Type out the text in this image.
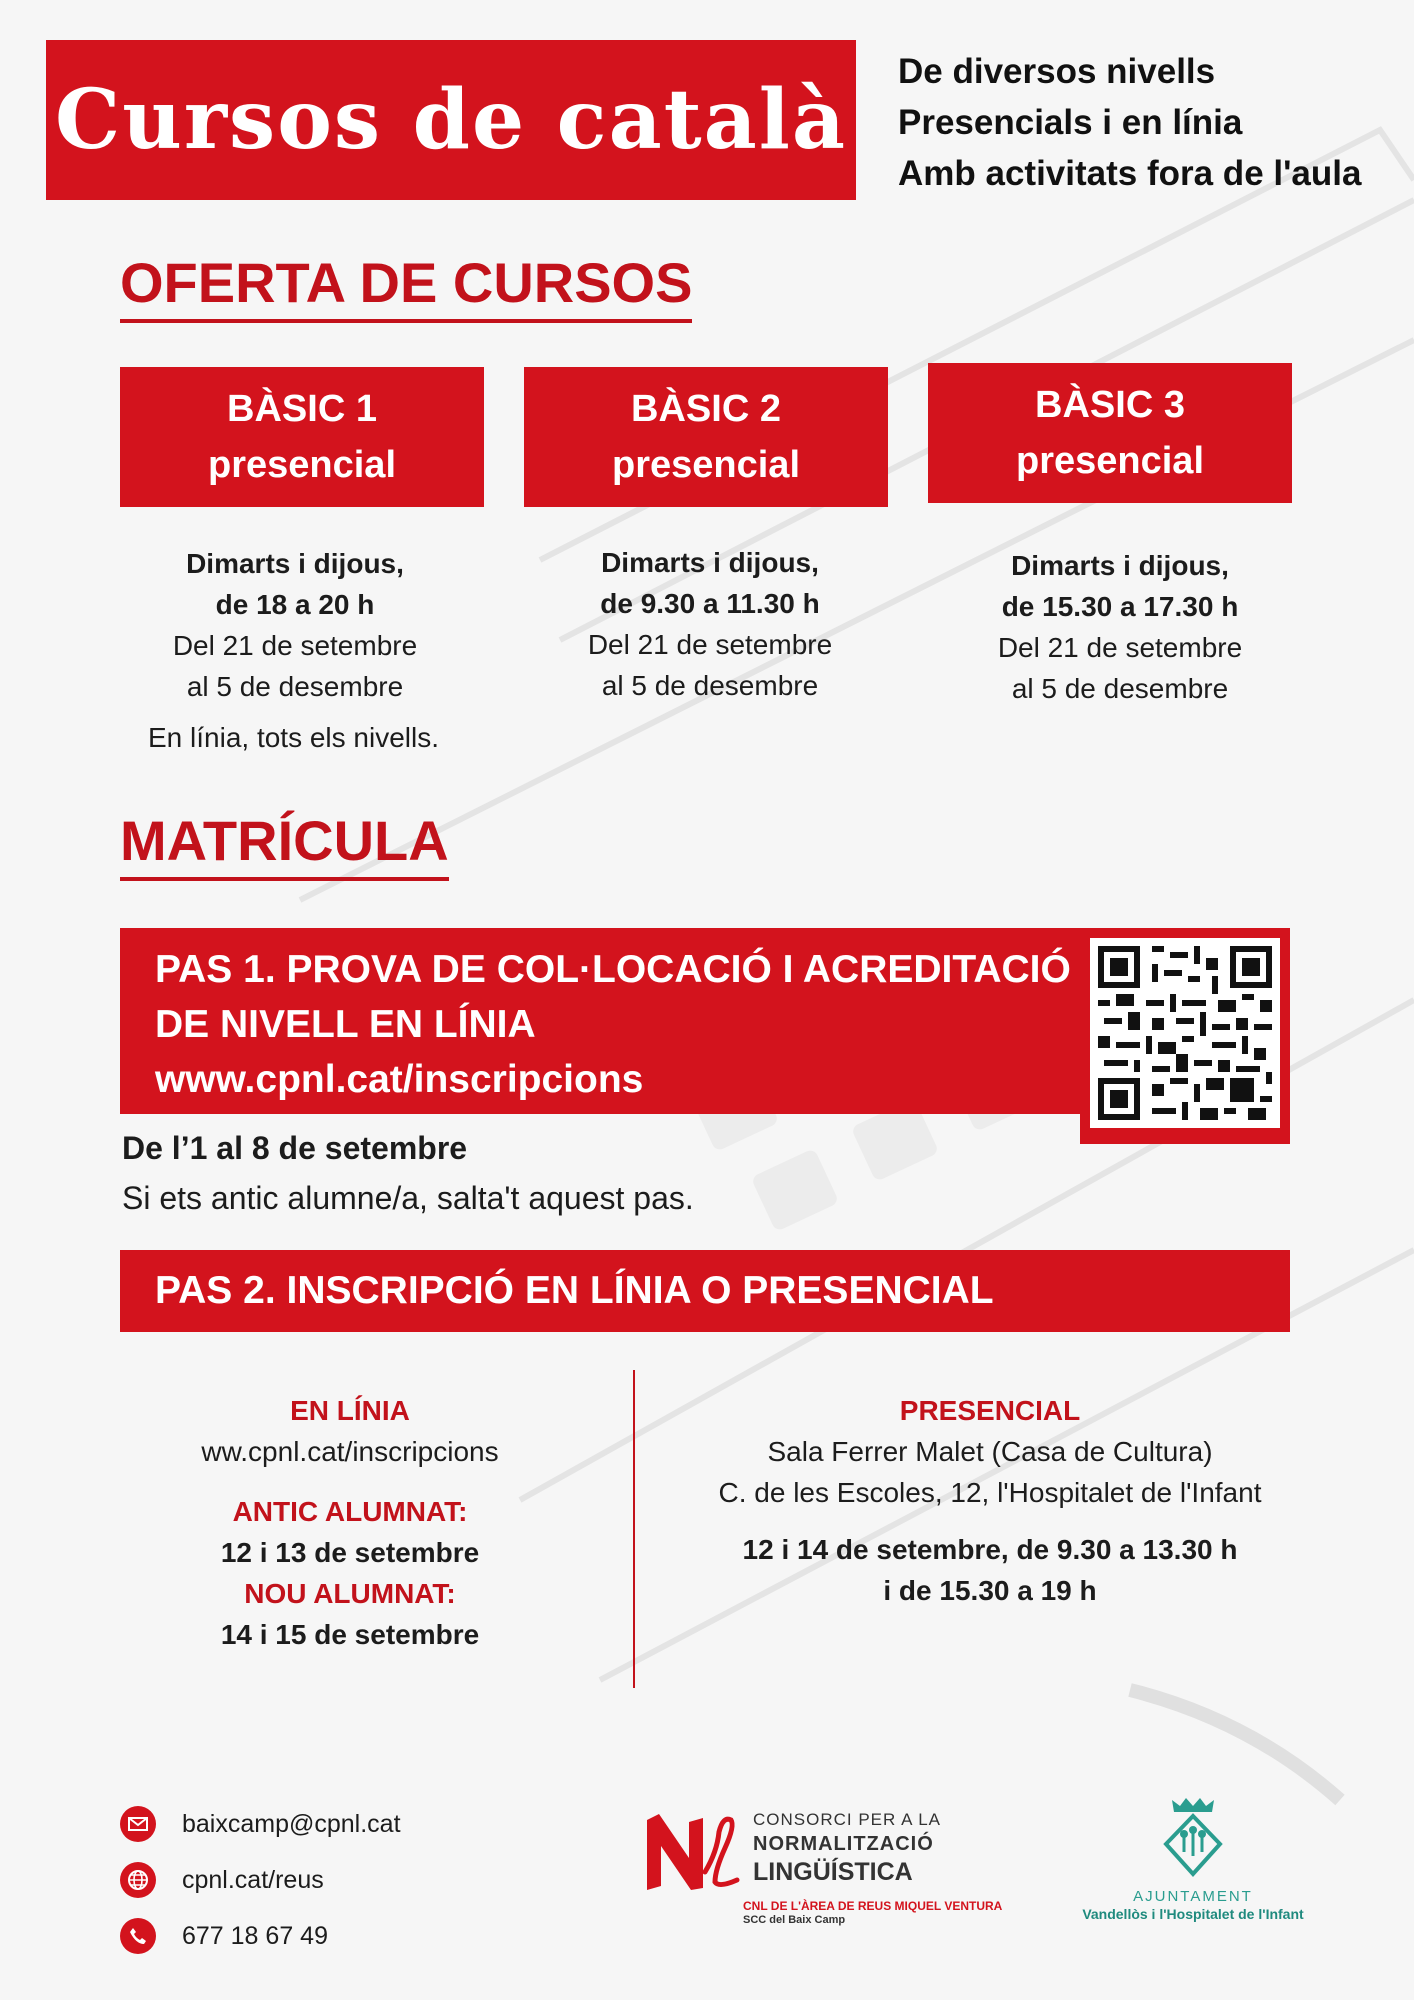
Cursos de català
De diversos nivells
Presencials i en línia
Amb activitats fora de l'aula
OFERTA DE CURSOS
BÀSIC 1
presencial
BÀSIC 2
presencial
BÀSIC 3
presencial
Dimarts i dijous,
de 18 a 20 h
Del 21 de setembre
al 5 de desembre
Dimarts i dijous,
de 9.30 a 11.30 h
Del 21 de setembre
al 5 de desembre
Dimarts i dijous,
de 15.30 a 17.30 h
Del 21 de setembre
al 5 de desembre
En línia, tots els nivells.
MATRÍCULA
PAS 1. PROVA DE COL·LOCACIÓ I ACREDITACIÓ
DE NIVELL EN LÍNIA
www.cpnl.cat/inscripcions
De l’1 al 8 de setembre
Si ets antic alumne/a, salta't aquest pas.
PAS 2. INSCRIPCIÓ EN LÍNIA O PRESENCIAL
EN LÍNIA
ww.cpnl.cat/inscripcions
ANTIC ALUMNAT:
12 i 13 de setembre
NOU ALUMNAT:
14 i 15 de setembre
PRESENCIAL
Sala Ferrer Malet (Casa de Cultura)
C. de les Escoles, 12, l'Hospitalet de l'Infant
12 i 14 de setembre, de 9.30 a 13.30 h
i de 15.30 a 19 h
baixcamp@cpnl.cat
cpnl.cat/reus
677 18 67 49
CONSORCI PER A LA
NORMALITZACIÓ
LINGÜÍSTICA
CNL DE L'ÀREA DE REUS MIQUEL VENTURA
SCC del Baix Camp
AJUNTAMENT
Vandellòs i l'Hospitalet de l'Infant
